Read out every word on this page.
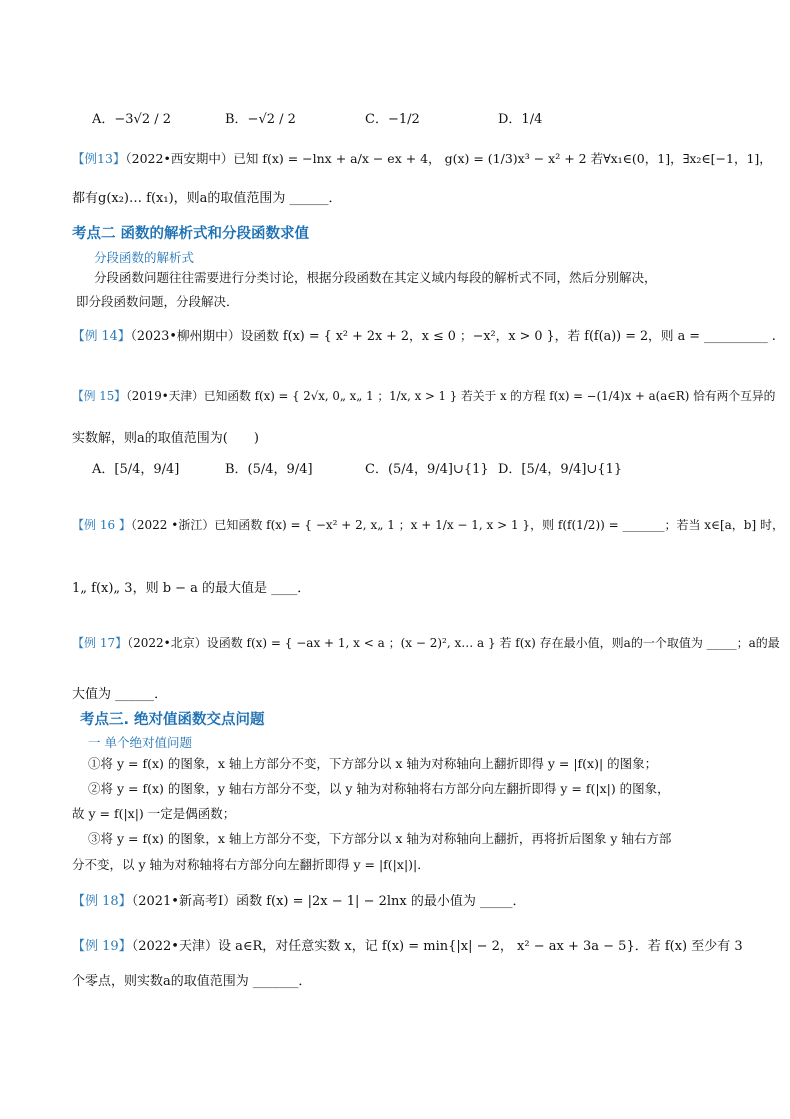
A．−3√2 / 2	B．−√2 / 2	C．−1/2	D．1/4
【例13】（2022•西安期中）已知 f(x) = −lnx + a/x − ex + 4， g(x) = (1/3)x³ − x² + 2 若∀x₁∈(0，1]，∃x₂∈[−1，1]，
都有g(x₂)… f(x₁)，则a的取值范围为 ______．
考点二 函数的解析式和分段函数求值
分段函数的解析式
分段函数问题往往需要进行分类讨论，根据分段函数在其定义域内每段的解析式不同，然后分别解决，
即分段函数问题，分段解决．
【例 14】（2023•柳州期中）设函数 f(x) = { x² + 2x + 2，x ≤ 0 ；−x²，x > 0 }，若 f(f(a)) = 2，则 a = __________ .
【例 15】（2019•天津）已知函数 f(x) = { 2√x, 0„ x„ 1 ；1/x, x > 1 } 若关于 x 的方程 f(x) = −(1/4)x + a(a∈R) 恰有两个互异的
实数解，则a的取值范围为(　　)
A．[5/4，9/4]	B．(5/4，9/4]	C．(5/4，9/4]∪{1} D．[5/4，9/4]∪{1}
【例 16 】（2022 •浙江）已知函数 f(x) = { −x² + 2, x„ 1 ；x + 1/x − 1, x > 1 }，则 f(f(1/2)) = _______；若当 x∈[a，b] 时，
1„ f(x)„ 3，则 b − a 的最大值是 ____．
【例 17】（2022•北京）设函数 f(x) = { −ax + 1, x < a ；(x − 2)², x… a } 若 f(x) 存在最小值，则a的一个取值为 _____；a的最
大值为 ______．
考点三. 绝对值函数交点问题
一 单个绝对值问题
①将 y = f(x) 的图象，x 轴上方部分不变，下方部分以 x 轴为对称轴向上翻折即得 y = |f(x)| 的图象；
②将 y = f(x) 的图象，y 轴右方部分不变，以 y 轴为对称轴将右方部分向左翻折即得 y = f(|x|) 的图象，
故 y = f(|x|) 一定是偶函数；
③将 y = f(x) 的图象，x 轴上方部分不变，下方部分以 x 轴为对称轴向上翻折，再将折后图象 y 轴右方部
分不变，以 y 轴为对称轴将右方部分向左翻折即得 y = |f(|x|)|．
【例 18】（2021•新高考Ⅰ）函数 f(x) = |2x − 1| − 2lnx 的最小值为 _____．
【例 19】（2022•天津）设 a∈R，对任意实数 x，记 f(x) = min{|x| − 2， x² − ax + 3a − 5}．若 f(x) 至少有 3
个零点，则实数a的取值范围为 _______．
